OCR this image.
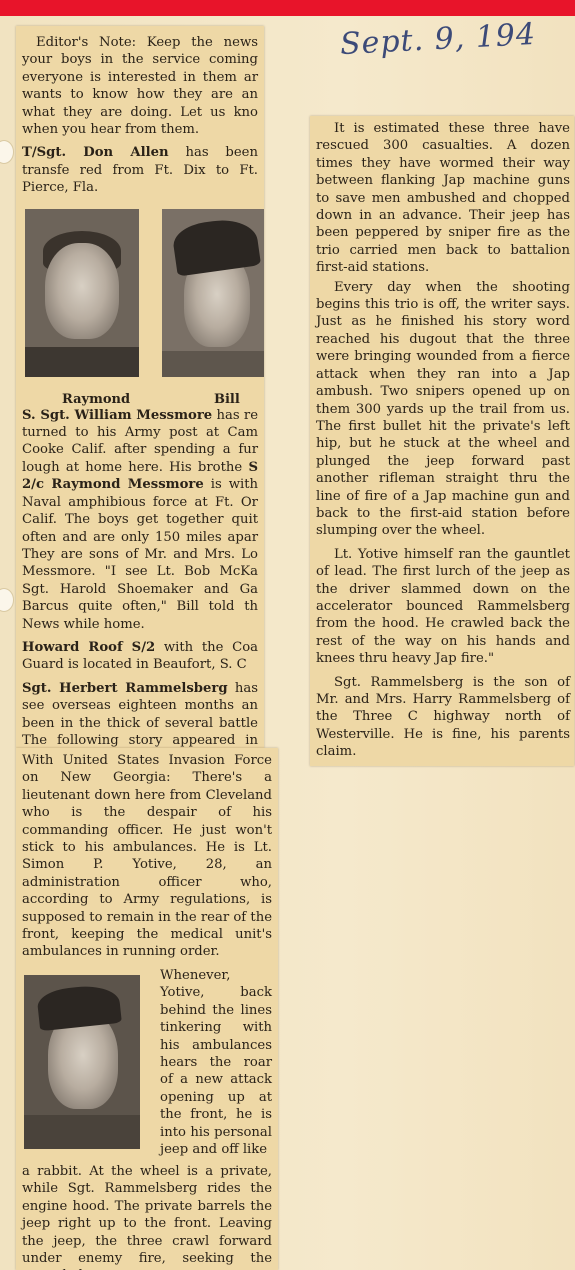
Sept. 9, 194

Editor's Note: Keep the news your boys in the service coming everyone is interested in them ar wants to know how they are an what they are doing. Let us kno when you hear from them.

T/Sgt. Don Allen has been transfe red from Ft. Dix to Ft. Pierce, Fla.

Raymond	Bill

S. Sgt. William Messmore has re turned to his Army post at Cam Cooke Calif. after spending a fur lough at home here. His brothe S 2/c Raymond Messmore is with Naval amphibious force at Ft. Or Calif. The boys get together quit often and are only 150 miles apar They are sons of Mr. and Mrs. Lo Messmore. "I see Lt. Bob McKa Sgt. Harold Shoemaker and Ga Barcus quite often," Bill told th News while home.

Howard Roof S/2 with the Coa Guard is located in Beaufort, S. C

Sgt. Herbert Rammelsberg has see overseas eighteen months an been in the thick of several battle The following story appeared in

With United States Invasion Force on New Georgia: There's a lieutenant down here from Cleveland who is the despair of his commanding officer. He just won't stick to his ambulances. He is Lt. Simon P. Yotive, 28, an administration officer who, according to Army regulations, is supposed to remain in the rear of the front, keeping the medical unit's ambulances in running order.

Whenever, Yotive, back behind the lines tinkering with his ambulances hears the roar of a new attack opening up at the front, he is into his personal jeep and off like

a rabbit. At the wheel is a private, while Sgt. Rammelsberg rides the engine hood. The private barrels the jeep right up to the front. Leaving the jeep, the three crawl forward under enemy fire, seeking the

It is estimated these three have rescued 300 casualties. A dozen times they have wormed their way between flanking Jap machine guns to save men ambushed and chopped down in an advance. Their jeep has been peppered by sniper fire as the trio carried men back to battalion first-aid stations.

Every day when the shooting begins this trio is off, the writer says. Just as he finished his story word reached his dugout that the three were bringing wounded from a fierce attack when they ran into a Jap ambush. Two snipers opened up on them 300 yards up the trail from us. The first bullet hit the private's left hip, but he stuck at the wheel and plunged the jeep forward past another rifleman straight thru the line of fire of a Jap machine gun and back to the first-aid station before slumping over the wheel.

Lt. Yotive himself ran the gauntlet of lead. The first lurch of the jeep as the driver slammed down on the accelerator bounced Rammelsberg from the hood. He crawled back the rest of the way on his hands and knees thru heavy Jap fire."

Sgt. Rammelsberg is the son of Mr. and Mrs. Harry Rammelsberg of the Three C highway north of Westerville. He is fine, his parents claim.
